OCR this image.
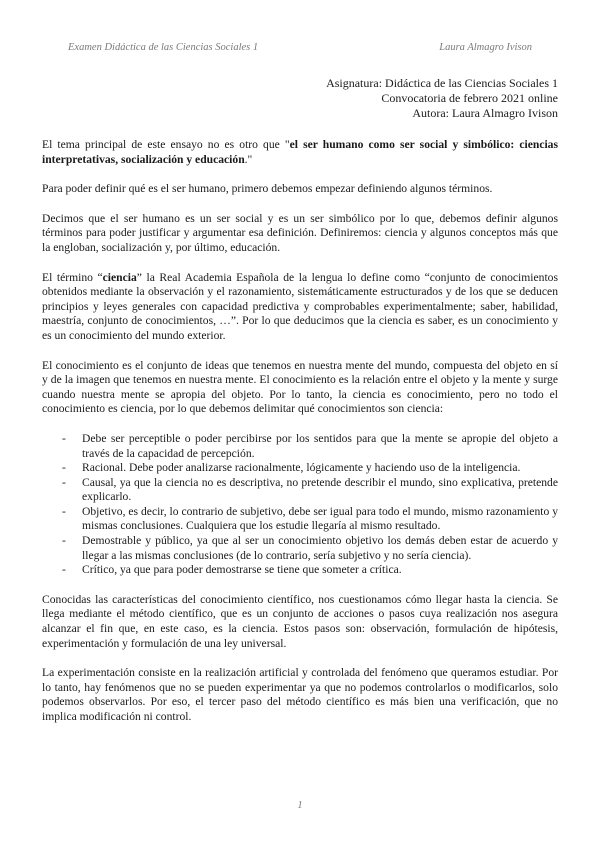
Examen Didáctica de las Ciencias Sociales 1	Laura Almagro Ivison
Asignatura: Didáctica de las Ciencias Sociales 1
Convocatoria de febrero 2021 online
Autora: Laura Almagro Ivison

El tema principal de este ensayo no es otro que "el ser humano como ser social y simbólico: ciencias interpretativas, socialización y educación."

Para poder definir qué es el ser humano, primero debemos empezar definiendo algunos términos.

Decimos que el ser humano es un ser social y es un ser simbólico por lo que, debemos definir algunos términos para poder justificar y argumentar esa definición. Definiremos: ciencia y algunos conceptos más que la engloban, socialización y, por último, educación.

El término “ciencia” la Real Academia Española de la lengua lo define como “conjunto de conocimientos obtenidos mediante la observación y el razonamiento, sistemáticamente estructurados y de los que se deducen principios y leyes generales con capacidad predictiva y comprobables experimentalmente; saber, habilidad, maestría, conjunto de conocimientos, …”. Por lo que deducimos que la ciencia es saber, es un conocimiento y es un conocimiento del mundo exterior.

El conocimiento es el conjunto de ideas que tenemos en nuestra mente del mundo, compuesta del objeto en sí y de la imagen que tenemos en nuestra mente. El conocimiento es la relación entre el objeto y la mente y surge cuando nuestra mente se apropia del objeto. Por lo tanto, la ciencia es conocimiento, pero no todo el conocimiento es ciencia, por lo que debemos delimitar qué conocimientos son ciencia:

- Debe ser perceptible o poder percibirse por los sentidos para que la mente se apropie del objeto a través de la capacidad de percepción.
- Racional. Debe poder analizarse racionalmente, lógicamente y haciendo uso de la inteligencia.
- Causal, ya que la ciencia no es descriptiva, no pretende describir el mundo, sino explicativa, pretende explicarlo.
- Objetivo, es decir, lo contrario de subjetivo, debe ser igual para todo el mundo, mismo razonamiento y mismas conclusiones. Cualquiera que los estudie llegaría al mismo resultado.
- Demostrable y público, ya que al ser un conocimiento objetivo los demás deben estar de acuerdo y llegar a las mismas conclusiones (de lo contrario, sería subjetivo y no sería ciencia).
- Crítico, ya que para poder demostrarse se tiene que someter a crítica.

Conocidas las características del conocimiento científico, nos cuestionamos cómo llegar hasta la ciencia. Se llega mediante el método científico, que es un conjunto de acciones o pasos cuya realización nos asegura alcanzar el fin que, en este caso, es la ciencia. Estos pasos son: observación, formulación de hipótesis, experimentación y formulación de una ley universal.

La experimentación consiste en la realización artificial y controlada del fenómeno que queramos estudiar. Por lo tanto, hay fenómenos que no se pueden experimentar ya que no podemos controlarlos o modificarlos, solo podemos observarlos. Por eso, el tercer paso del método científico es más bien una verificación, que no implica modificación ni control.

1
